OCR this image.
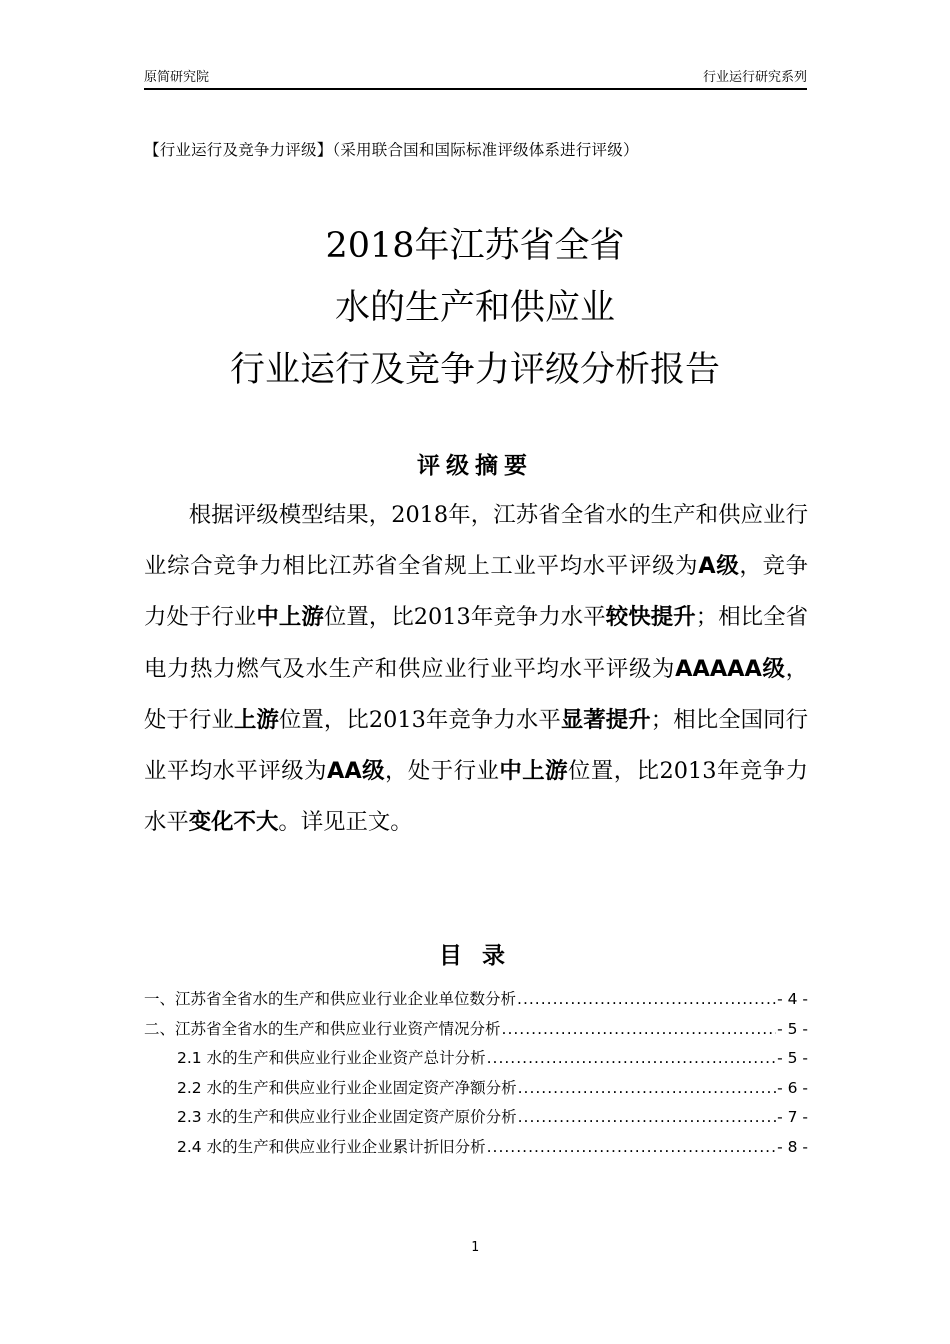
原简研究院	行业运行研究系列
【行业运行及竞争力评级】（采用联合国和国际标准评级体系进行评级）
2018年江苏省全省
水的生产和供应业
行业运行及竞争力评级分析报告
评级摘要
根据评级模型结果，2018年，江苏省全省水的生产和供应业行业综合竞争力相比江苏省全省规上工业平均水平评级为A级，竞争力处于行业中上游位置，比2013年竞争力水平较快提升；相比全省电力热力燃气及水生产和供应业行业平均水平评级为AAAAA级，处于行业上游位置，比2013年竞争力水平显著提升；相比全国同行业平均水平评级为AA级，处于行业中上游位置，比2013年竞争力水平变化不大。详见正文。
目 录
一、江苏省全省水的生产和供应业行业企业单位数分析 .....	- 4 -
二、江苏省全省水的生产和供应业行业资产情况分析 .....	- 5 -
2.1 水的生产和供应业行业企业资产总计分析 .....	- 5 -
2.2 水的生产和供应业行业企业固定资产净额分析 .....	- 6 -
2.3 水的生产和供应业行业企业固定资产原价分析 .....	- 7 -
2.4 水的生产和供应业行业企业累计折旧分析 .....	- 8 -
1
